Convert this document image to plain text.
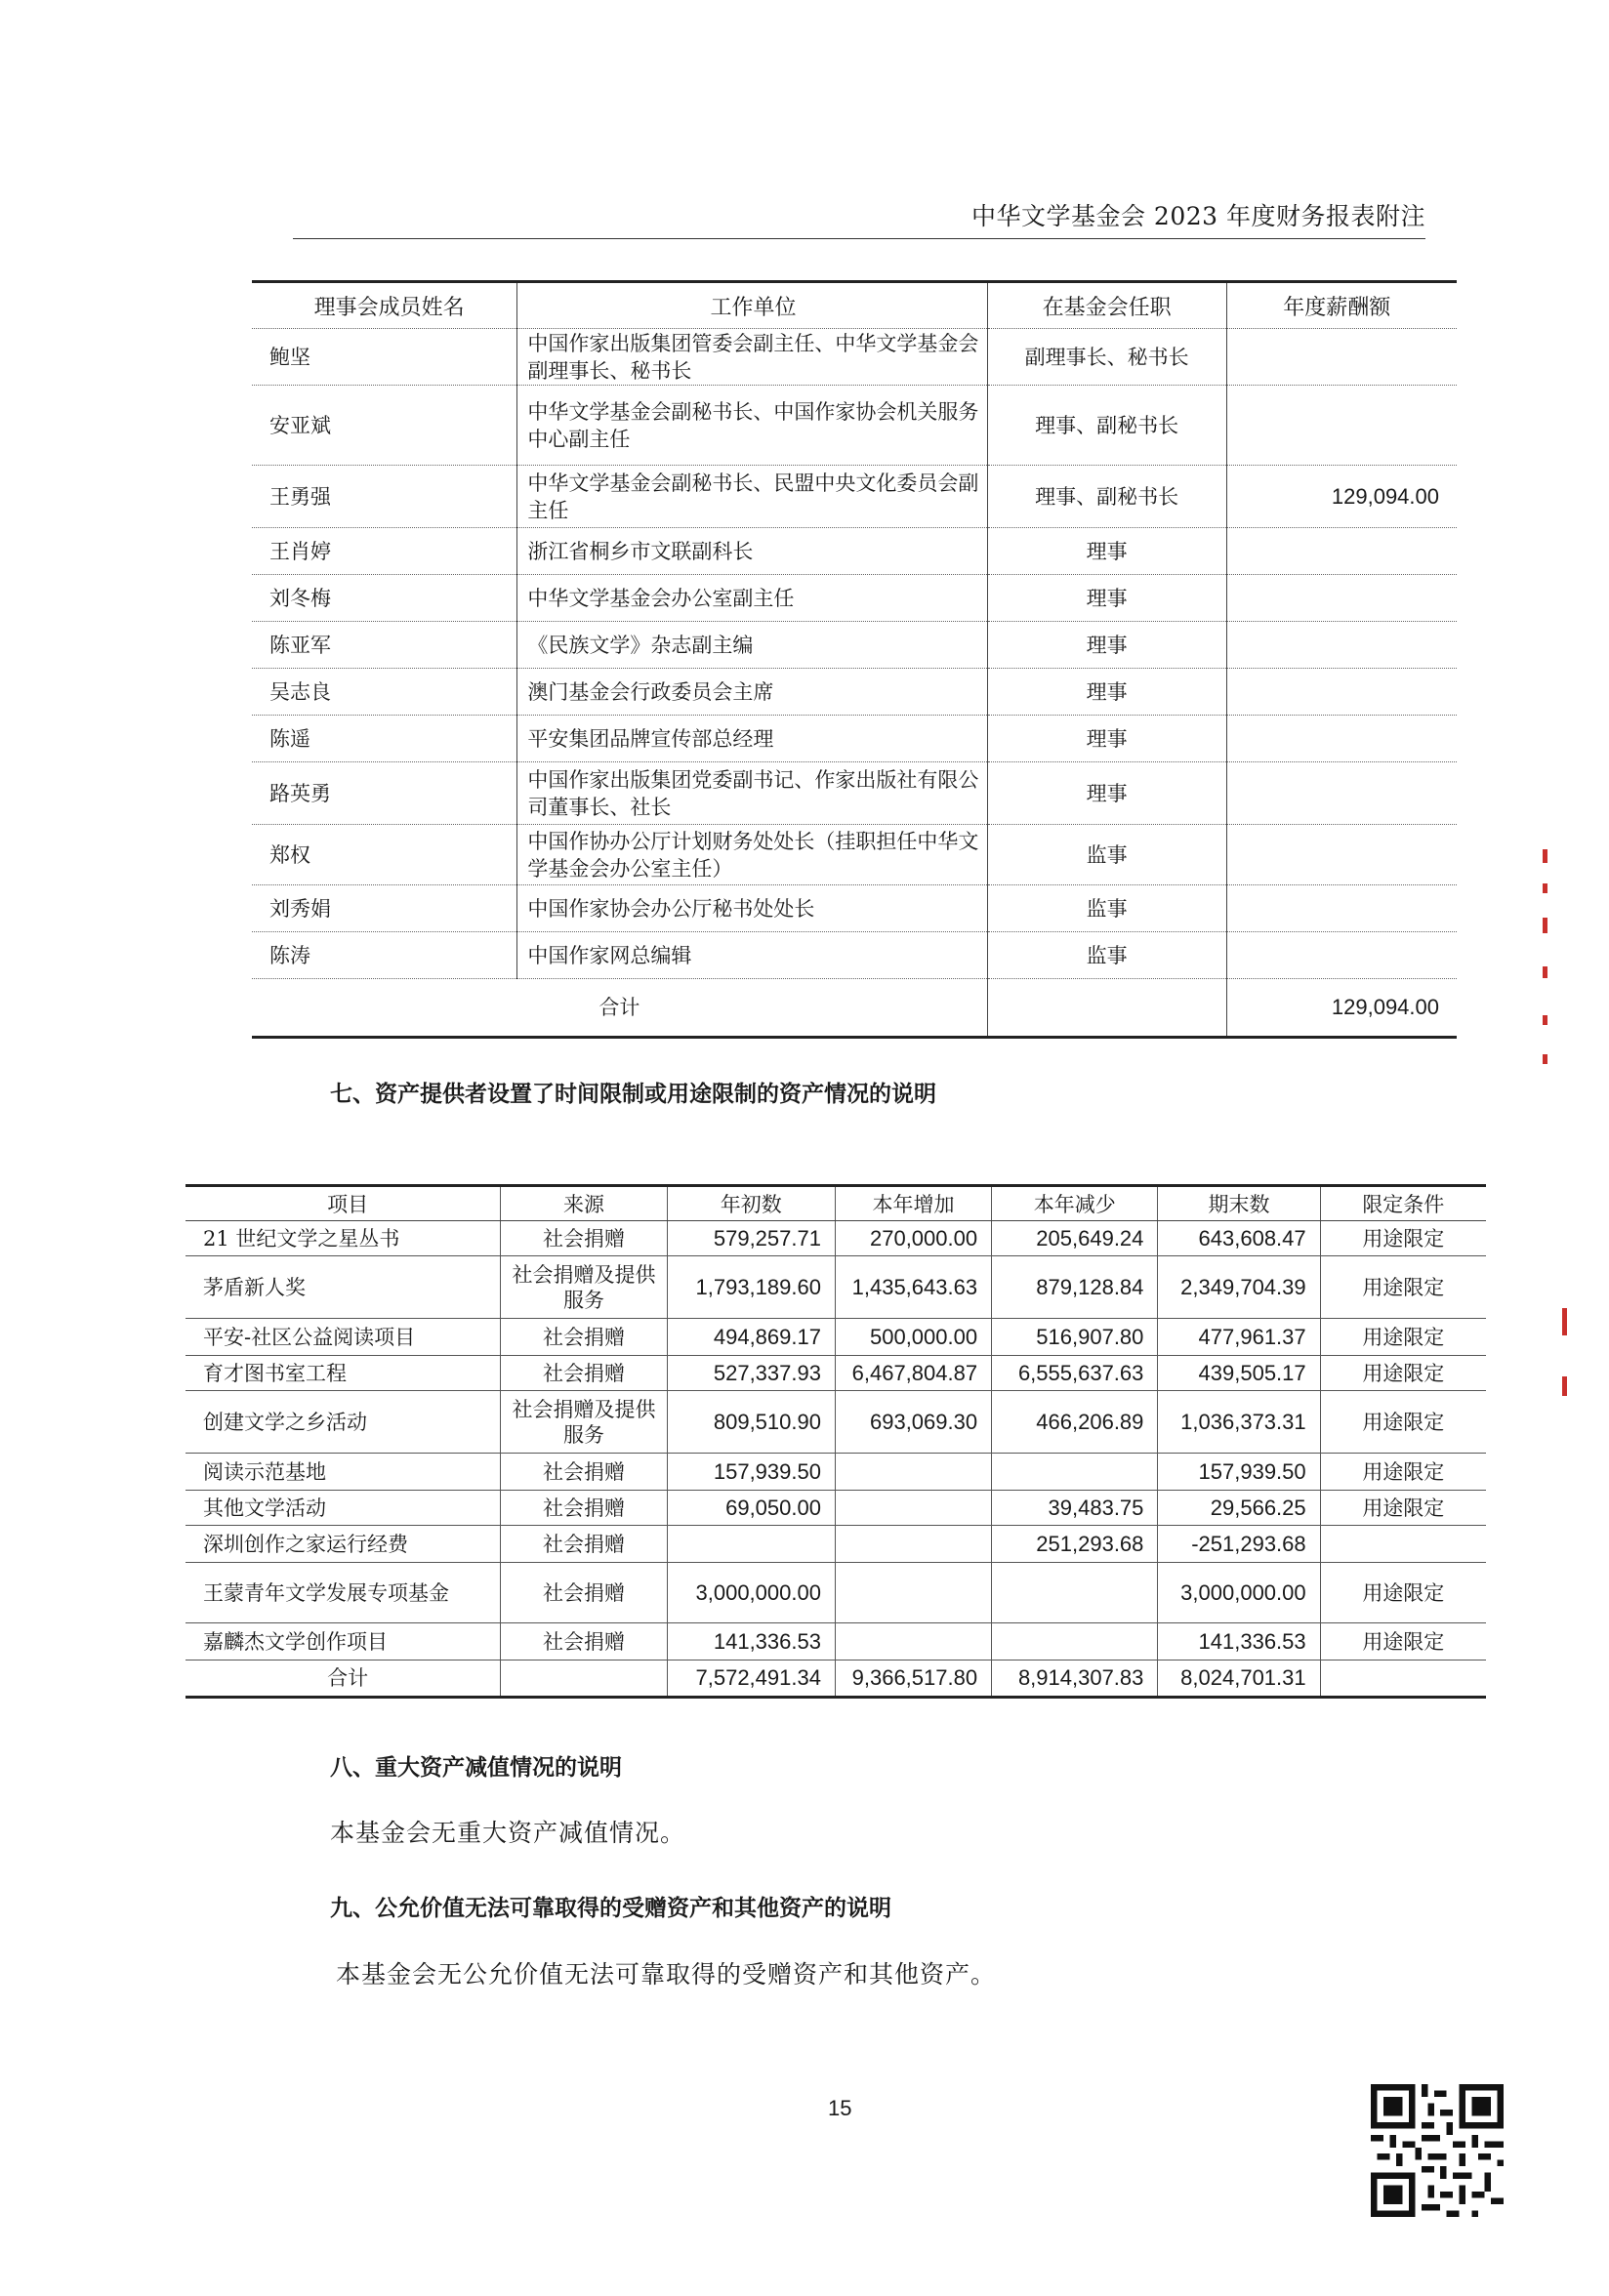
中华文学基金会 2023 年度财务报表附注
理事会成员姓名	工作单位	在基金会任职	年度薪酬额
鲍坚	中国作家出版集团管委会副主任、中华文学基金会副理事长、秘书长	副理事长、秘书长	
安亚斌	中华文学基金会副秘书长、中国作家协会机关服务中心副主任	理事、副秘书长	
王勇强	中华文学基金会副秘书长、民盟中央文化委员会副主任	理事、副秘书长	129,094.00
王肖婷	浙江省桐乡市文联副科长	理事	
刘冬梅	中华文学基金会办公室副主任	理事	
陈亚军	《民族文学》杂志副主编	理事	
吴志良	澳门基金会行政委员会主席	理事	
陈遥	平安集团品牌宣传部总经理	理事	
路英勇	中国作家出版集团党委副书记、作家出版社有限公司董事长、社长	理事	
郑权	中国作协办公厅计划财务处处长（挂职担任中华文学基金会办公室主任）	监事	
刘秀娟	中国作家协会办公厅秘书处处长	监事	
陈涛	中国作家网总编辑	监事	
合计			129,094.00
七、资产提供者设置了时间限制或用途限制的资产情况的说明
项目	来源	年初数	本年增加	本年减少	期末数	限定条件
21 世纪文学之星丛书	社会捐赠	579,257.71	270,000.00	205,649.24	643,608.47	用途限定
茅盾新人奖	社会捐赠及提供服务	1,793,189.60	1,435,643.63	879,128.84	2,349,704.39	用途限定
平安-社区公益阅读项目	社会捐赠	494,869.17	500,000.00	516,907.80	477,961.37	用途限定
育才图书室工程	社会捐赠	527,337.93	6,467,804.87	6,555,637.63	439,505.17	用途限定
创建文学之乡活动	社会捐赠及提供服务	809,510.90	693,069.30	466,206.89	1,036,373.31	用途限定
阅读示范基地	社会捐赠	157,939.50			157,939.50	用途限定
其他文学活动	社会捐赠	69,050.00		39,483.75	29,566.25	用途限定
深圳创作之家运行经费	社会捐赠			251,293.68	-251,293.68	
王蒙青年文学发展专项基金	社会捐赠	3,000,000.00			3,000,000.00	用途限定
嘉麟杰文学创作项目	社会捐赠	141,336.53			141,336.53	用途限定
合计		7,572,491.34	9,366,517.80	8,914,307.83	8,024,701.31	
八、重大资产减值情况的说明
本基金会无重大资产减值情况。
九、公允价值无法可靠取得的受赠资产和其他资产的说明
本基金会无公允价值无法可靠取得的受赠资产和其他资产。
15
